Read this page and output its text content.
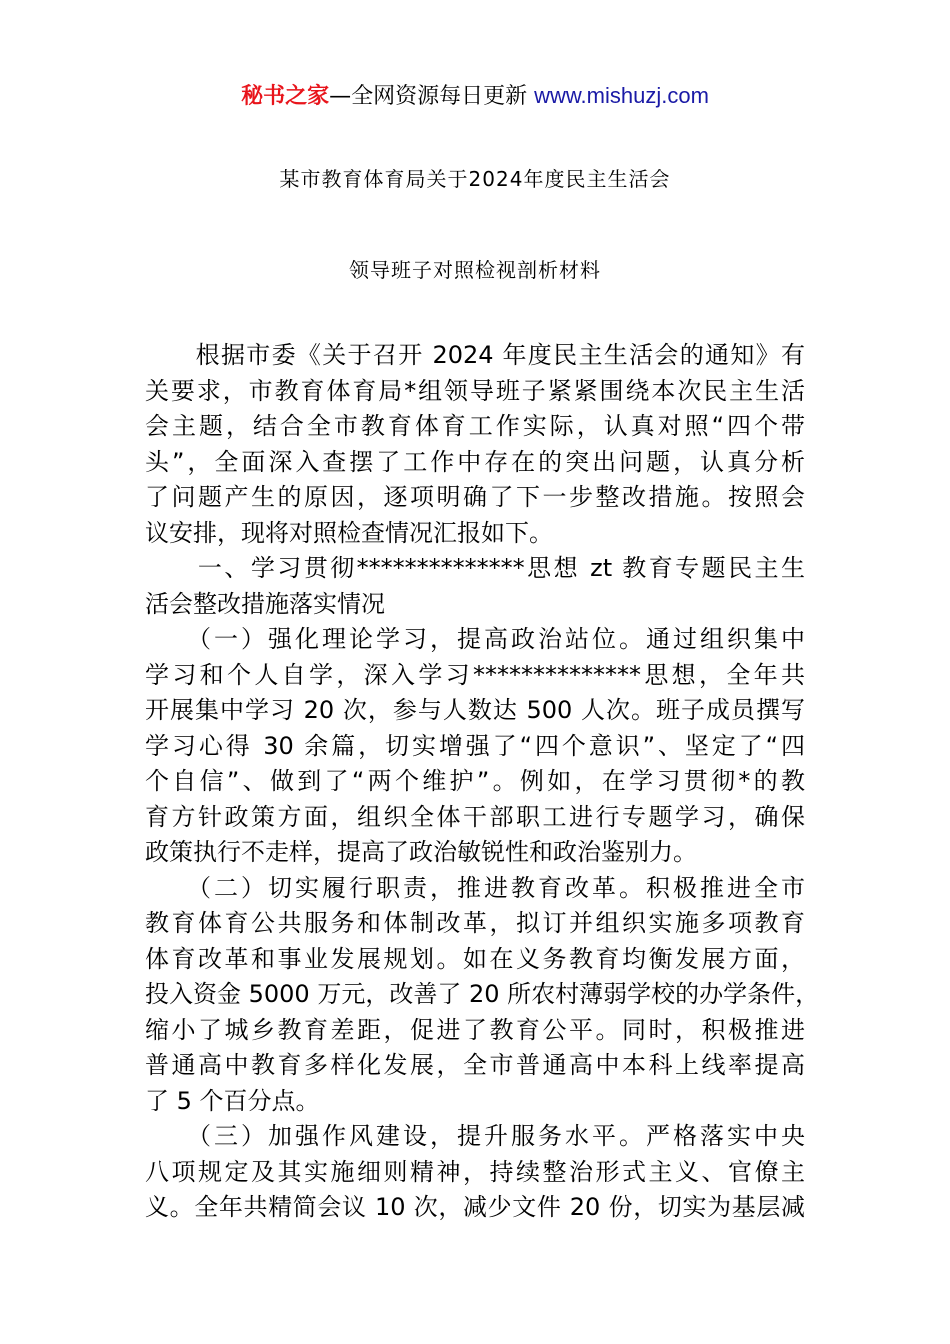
秘书之家—全网资源每日更新 www.mishuzj.com
某市教育体育局关于2024年度民主生活会
领导班子对照检视剖析材料
　　根据市委《关于召开 2024 年度民主生活会的通知》有
关要求，市教育体育局*组领导班子紧紧围绕本次民主生活
会主题，结合全市教育体育工作实际，认真对照“四个带
头”，全面深入查摆了工作中存在的突出问题，认真分析
了问题产生的原因，逐项明确了下一步整改措施。按照会
议安排，现将对照检查情况汇报如下。
　　一、学习贯彻**************思想 zt 教育专题民主生
活会整改措施落实情况
　　（一）强化理论学习，提高政治站位。通过组织集中
学习和个人自学，深入学习**************思想，全年共
开展集中学习 20 次，参与人数达 500 人次。班子成员撰写
学习心得 30 余篇，切实增强了“四个意识”、坚定了“四
个自信”、做到了“两个维护”。例如，在学习贯彻*的教
育方针政策方面，组织全体干部职工进行专题学习，确保
政策执行不走样，提高了政治敏锐性和政治鉴别力。
　　（二）切实履行职责，推进教育改革。积极推进全市
教育体育公共服务和体制改革，拟订并组织实施多项教育
体育改革和事业发展规划。如在义务教育均衡发展方面，
投入资金 5000 万元，改善了 20 所农村薄弱学校的办学条件，
缩小了城乡教育差距，促进了教育公平。同时，积极推进
普通高中教育多样化发展，全市普通高中本科上线率提高
了 5 个百分点。
　　（三）加强作风建设，提升服务水平。严格落实中央
八项规定及其实施细则精神，持续整治形式主义、官僚主
义。全年共精简会议 10 次，减少文件 20 份，切实为基层减
